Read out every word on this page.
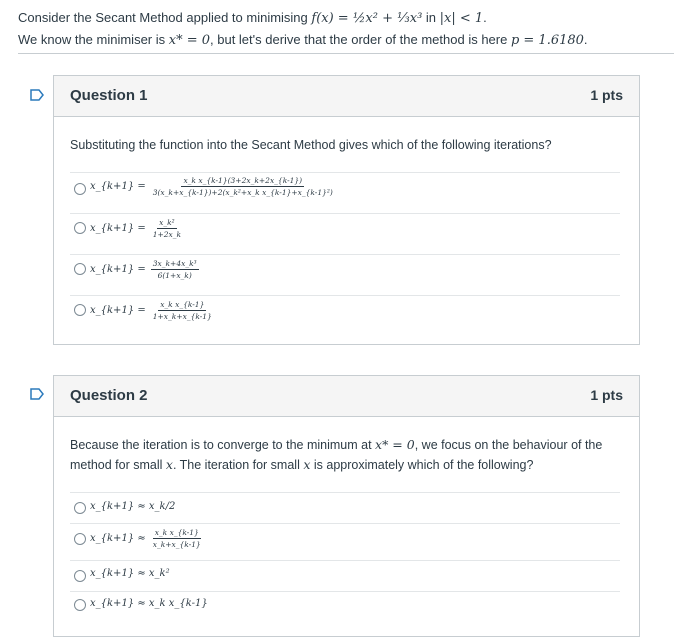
Consider the Secant Method applied to minimising f(x) = ½x² + ⅓x³ in |x| < 1.
We know the minimiser is x* = 0, but let's derive that the order of the method is here p = 1.6180.
Question 1	1 pts
Substituting the function into the Secant Method gives which of the following iterations?
x_{k+1} = $\frac{\text{x\_k x\_\{k-1\}(3+2x\_k+2x\_\{k-1\})}}{\text{3(x\_k+x\_\{k-1\})+2(x\_k²+x\_k x\_\{k-1\}+x\_\{k-1\}²)}}$
x_{k+1} = $\frac{\text{x\_k²}}{1+2x\_k}$
x_{k+1} = $\frac{\text{3x\_k+4x\_k³}}{6(1+x\_k)}$
x_{k+1} = $\frac{\text{x\_k x\_\{k-1\}}}{1+x\_k+x\_\{k-1\}}$
Question 2	1 pts
Because the iteration is to converge to the minimum at x* = 0, we focus on the behaviour of the method for small x. The iteration for small x is approximately which of the following?
x_{k+1} ≈ x_k/2
x_{k+1} ≈ $\frac{\text{x\_k x\_\{k-1\}}}{x\_k+x\_\{k-1\}}$
x_{k+1} ≈ x_k²
x_{k+1} ≈ x_k x_{k-1}
